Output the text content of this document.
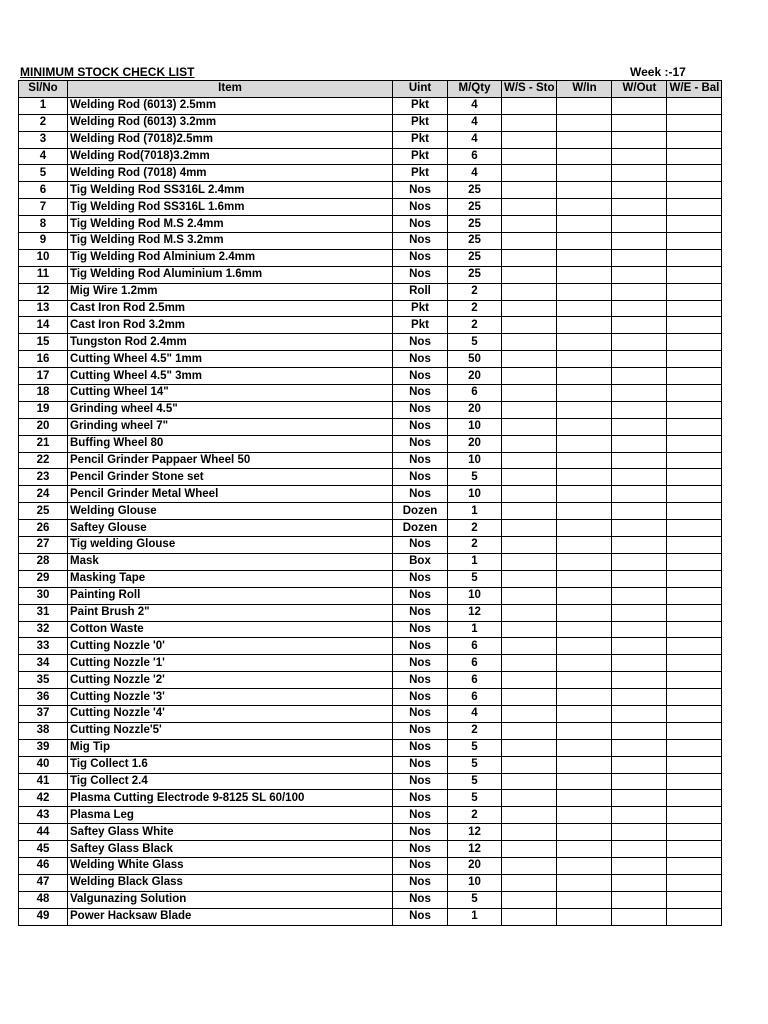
MINIMUM STOCK CHECK LIST	Week :-17
Sl/No	Item	Uint	M/Qty	W/S - Sto	W/In	W/Out	W/E - Bal
1	Welding Rod (6013) 2.5mm	Pkt	4				
2	Welding Rod (6013) 3.2mm	Pkt	4				
3	Welding Rod (7018)2.5mm	Pkt	4				
4	Welding Rod(7018)3.2mm	Pkt	6				
5	Welding Rod (7018) 4mm	Pkt	4				
6	Tig Welding Rod SS316L 2.4mm	Nos	25				
7	Tig Welding Rod SS316L 1.6mm	Nos	25				
8	Tig Welding Rod M.S 2.4mm	Nos	25				
9	Tig Welding Rod M.S 3.2mm	Nos	25				
10	Tig Welding Rod Alminium 2.4mm	Nos	25				
11	Tig Welding Rod Aluminium 1.6mm	Nos	25				
12	Mig Wire 1.2mm	Roll	2				
13	Cast Iron Rod 2.5mm	Pkt	2				
14	Cast Iron Rod 3.2mm	Pkt	2				
15	Tungston Rod 2.4mm	Nos	5				
16	Cutting Wheel 4.5" 1mm	Nos	50				
17	Cutting Wheel 4.5" 3mm	Nos	20				
18	Cutting Wheel 14"	Nos	6				
19	Grinding wheel 4.5"	Nos	20				
20	Grinding wheel 7"	Nos	10				
21	Buffing Wheel 80	Nos	20				
22	Pencil Grinder Pappaer Wheel 50	Nos	10				
23	Pencil Grinder Stone set	Nos	5				
24	Pencil Grinder Metal Wheel	Nos	10				
25	Welding Glouse	Dozen	1				
26	Saftey Glouse	Dozen	2				
27	Tig welding Glouse	Nos	2				
28	Mask	Box	1				
29	Masking Tape	Nos	5				
30	Painting Roll	Nos	10				
31	Paint Brush 2"	Nos	12				
32	Cotton Waste	Nos	1				
33	Cutting Nozzle '0'	Nos	6				
34	Cutting Nozzle '1'	Nos	6				
35	Cutting Nozzle '2'	Nos	6				
36	Cutting Nozzle '3'	Nos	6				
37	Cutting Nozzle '4'	Nos	4				
38	Cutting Nozzle'5'	Nos	2				
39	Mig Tip	Nos	5				
40	Tig Collect 1.6	Nos	5				
41	Tig Collect 2.4	Nos	5				
42	Plasma Cutting Electrode 9-8125 SL 60/100	Nos	5				
43	Plasma Leg	Nos	2				
44	Saftey Glass White	Nos	12				
45	Saftey Glass Black	Nos	12				
46	Welding White Glass	Nos	20				
47	Welding Black Glass	Nos	10				
48	Valgunazing Solution	Nos	5				
49	Power Hacksaw Blade	Nos	1				
